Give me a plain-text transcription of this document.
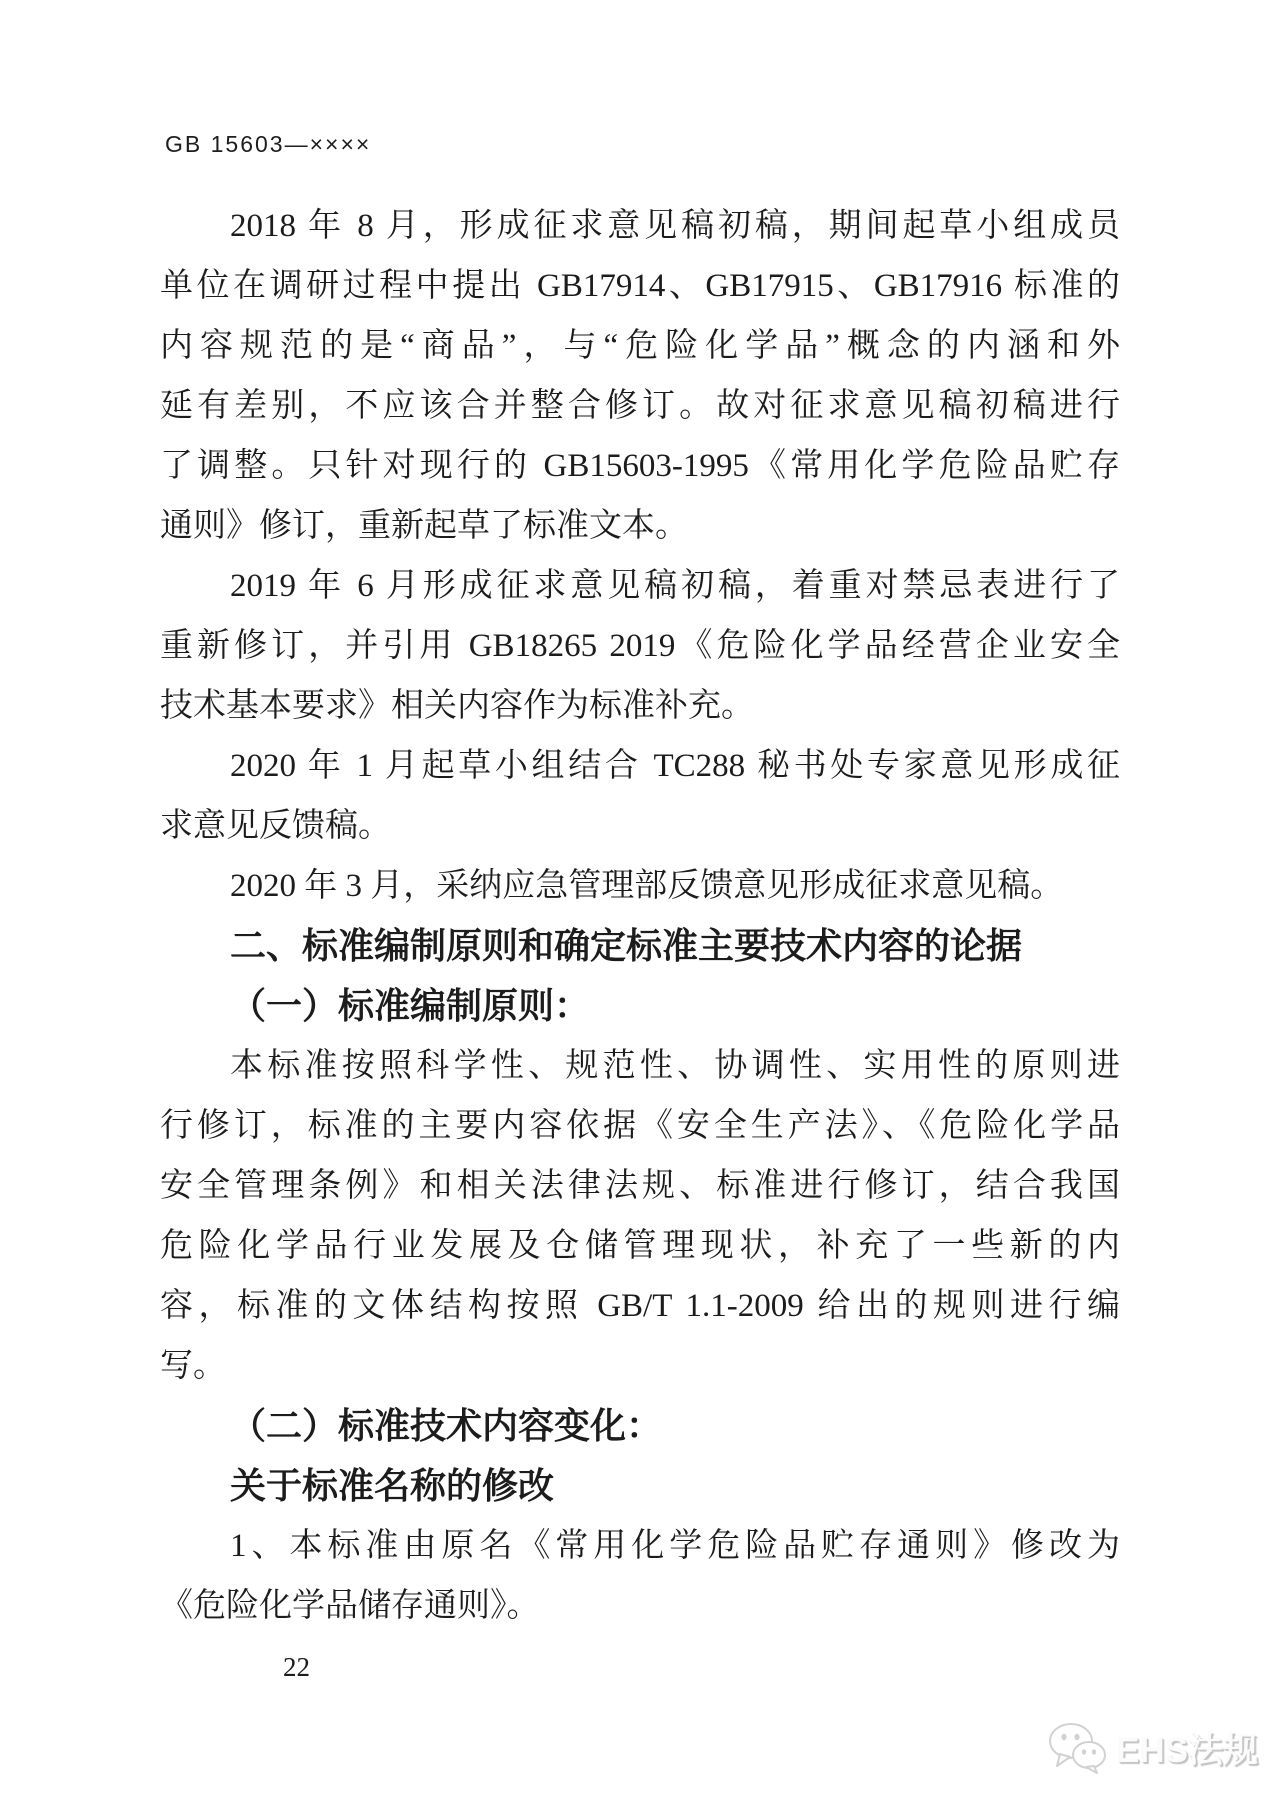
GB 15603—××××
2018 年 8 月，形成征求意见稿初稿，期间起草小组成员
单位在调研过程中提出 GB17914、GB17915、GB17916 标准的
内容规范的是“商品”，与“危险化学品”概念的内涵和外
延有差别，不应该合并整合修订。故对征求意见稿初稿进行
了调整。只针对现行的 GB15603-1995《常用化学危险品贮存
通则》修订，重新起草了标准文本。
2019 年 6 月形成征求意见稿初稿，着重对禁忌表进行了
重新修订，并引用 GB18265 2019《危险化学品经营企业安全
技术基本要求》相关内容作为标准补充。
2020 年 1 月起草小组结合 TC288 秘书处专家意见形成征
求意见反馈稿。
2020 年 3 月，采纳应急管理部反馈意见形成征求意见稿。
二、标准编制原则和确定标准主要技术内容的论据
（一）标准编制原则：
本标准按照科学性、规范性、协调性、实用性的原则进
行修订，标准的主要内容依据《安全生产法》、《危险化学品
安全管理条例》和相关法律法规、标准进行修订，结合我国
危险化学品行业发展及仓储管理现状，补充了一些新的内
容，标准的文体结构按照 GB/T 1.1-2009 给出的规则进行编
写。
（二）标准技术内容变化：
关于标准名称的修改
1、本标准由原名《常用化学危险品贮存通则》修改为
《危险化学品储存通则》。
22
EHS法规
